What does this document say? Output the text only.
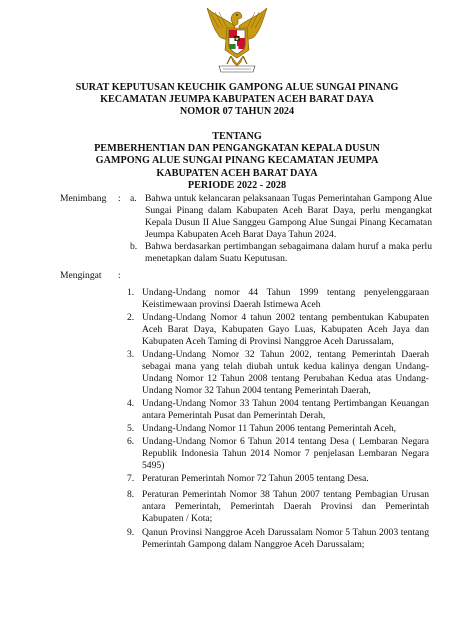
SURAT KEPUTUSAN KEUCHIK GAMPONG ALUE SUNGAI PINANG
KECAMATAN JEUMPA KABUPATEN ACEH BARAT DAYA
NOMOR 07 TAHUN 2024
TENTANG
PEMBERHENTIAN DAN PENGANGKATAN KEPALA DUSUN
GAMPONG ALUE SUNGAI PINANG KECAMATAN JEUMPA
KABUPATEN ACEH BARAT DAYA
PERIODE 2022 - 2028
Menimbang : a. Bahwa untuk kelancaran pelaksanaan Tugas Pemerintahan Gampong Alue Sungai Pinang dalam Kabupaten Aceh Barat Daya, perlu mengangkat Kepala Dusun II Alue Sanggeu Gampong Alue Sungai Pinang Kecamatan Jeumpa Kabupaten Aceh Barat Daya Tahun 2024.
b. Bahwa berdasarkan pertimbangan sebagaimana dalam huruf a maka perlu menetapkan dalam Suatu Keputusan.
Mengingat :
1. Undang-Undang nomor 44 Tahun 1999 tentang penyelenggaraan Keistimewaan provinsi Daerah Istimewa Aceh
2. Undang-Undang Nomor 4 tahun 2002 tentang pembentukan Kabupaten Aceh Barat Daya, Kabupaten Gayo Luas, Kabupaten Aceh Jaya dan Kabupaten Aceh Taming di Provinsi Nanggroe Aceh Darussalam,
3. Undang-Undang Nomor 32 Tahun 2002, tentang Pemerintah Daerah sebagai mana yang telah diubah untuk kedua kalinya dengan Undang-Undang Nomor 12 Tahun 2008 tentang Perubahan Kedua atas Undang-Undang Nomor 32 Tahun 2004 tentang Pemerintah Daerah,
4. Undang-Undang Nomor 33 Tahun 2004 tentang Pertimbangan Keuangan antara Pemerintah Pusat dan Pemerintah Derah,
5. Undang-Undang Nomor 11 Tahun 2006 tentang Pemerintah Aceh,
6. Undang-Undang Nomor 6 Tahun 2014 tentang Desa ( Lembaran Negara Republik Indonesia Tahun 2014 Nomor 7 penjelasan Lembaran Negara 5495)
7. Peraturan Pemerintah Nomor 72 Tahun 2005 tentang Desa.
8. Peraturan Pemerintah Nomor 38 Tahun 2007 tentang Pembagian Urusan antara Pemerintah, Pemerintah Daerah Provinsi dan Pemerintah Kabupaten / Kota;
9. Qanun Provinsi Nanggroe Aceh Darussalam Nomor 5 Tahun 2003 tentang Pemerintah Gampong dalam Nanggroe Aceh Darussalam;
